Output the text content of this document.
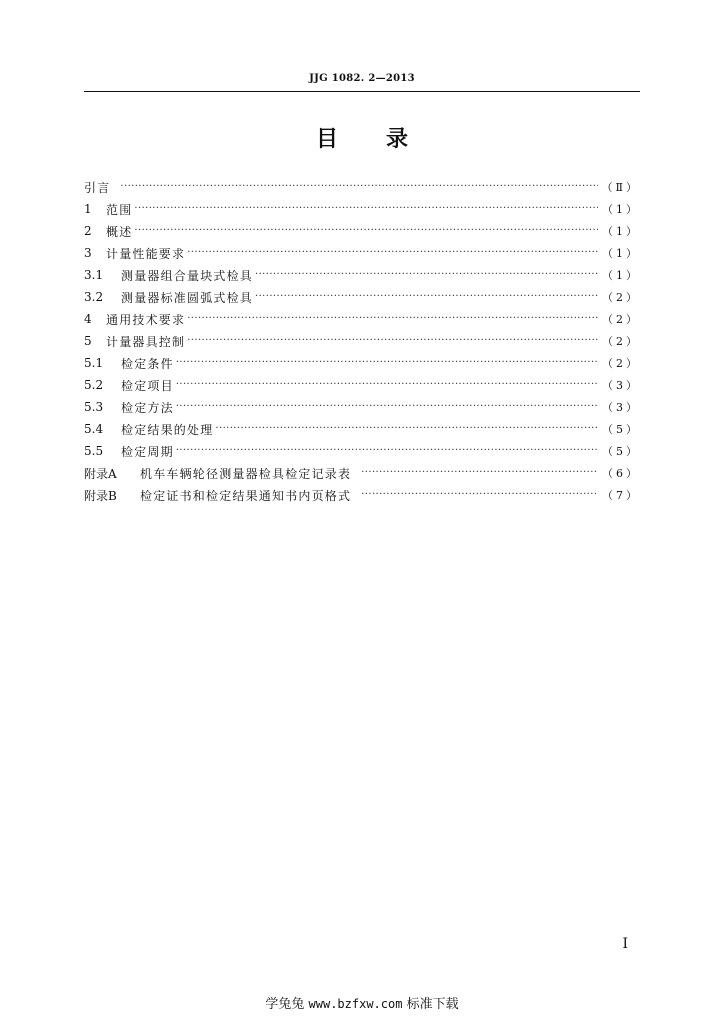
JJG 1082. 2—2013
目 录
引言 ·····	（Ⅱ）
1	范围 ·····	（1）
2	概述 ·····	（1）
3	计量性能要求 ·····	（1）
3.1	测量器组合量块式检具 ·····	（1）
3.2	测量器标准圆弧式检具 ·····	（2）
4	通用技术要求 ·····	（2）
5	计量器具控制 ·····	（2）
5.1	检定条件 ·····	（2）
5.2	检定项目 ·····	（3）
5.3	检定方法 ·····	（3）
5.4	检定结果的处理 ·····	（5）
5.5	检定周期 ·····	（5）
附录A	机车车辆轮径测量器检具检定记录表 ·····	（6）
附录B	检定证书和检定结果通知书内页格式 ·····	（7）
I
学兔兔 www.bzfxw.com 标准下载
